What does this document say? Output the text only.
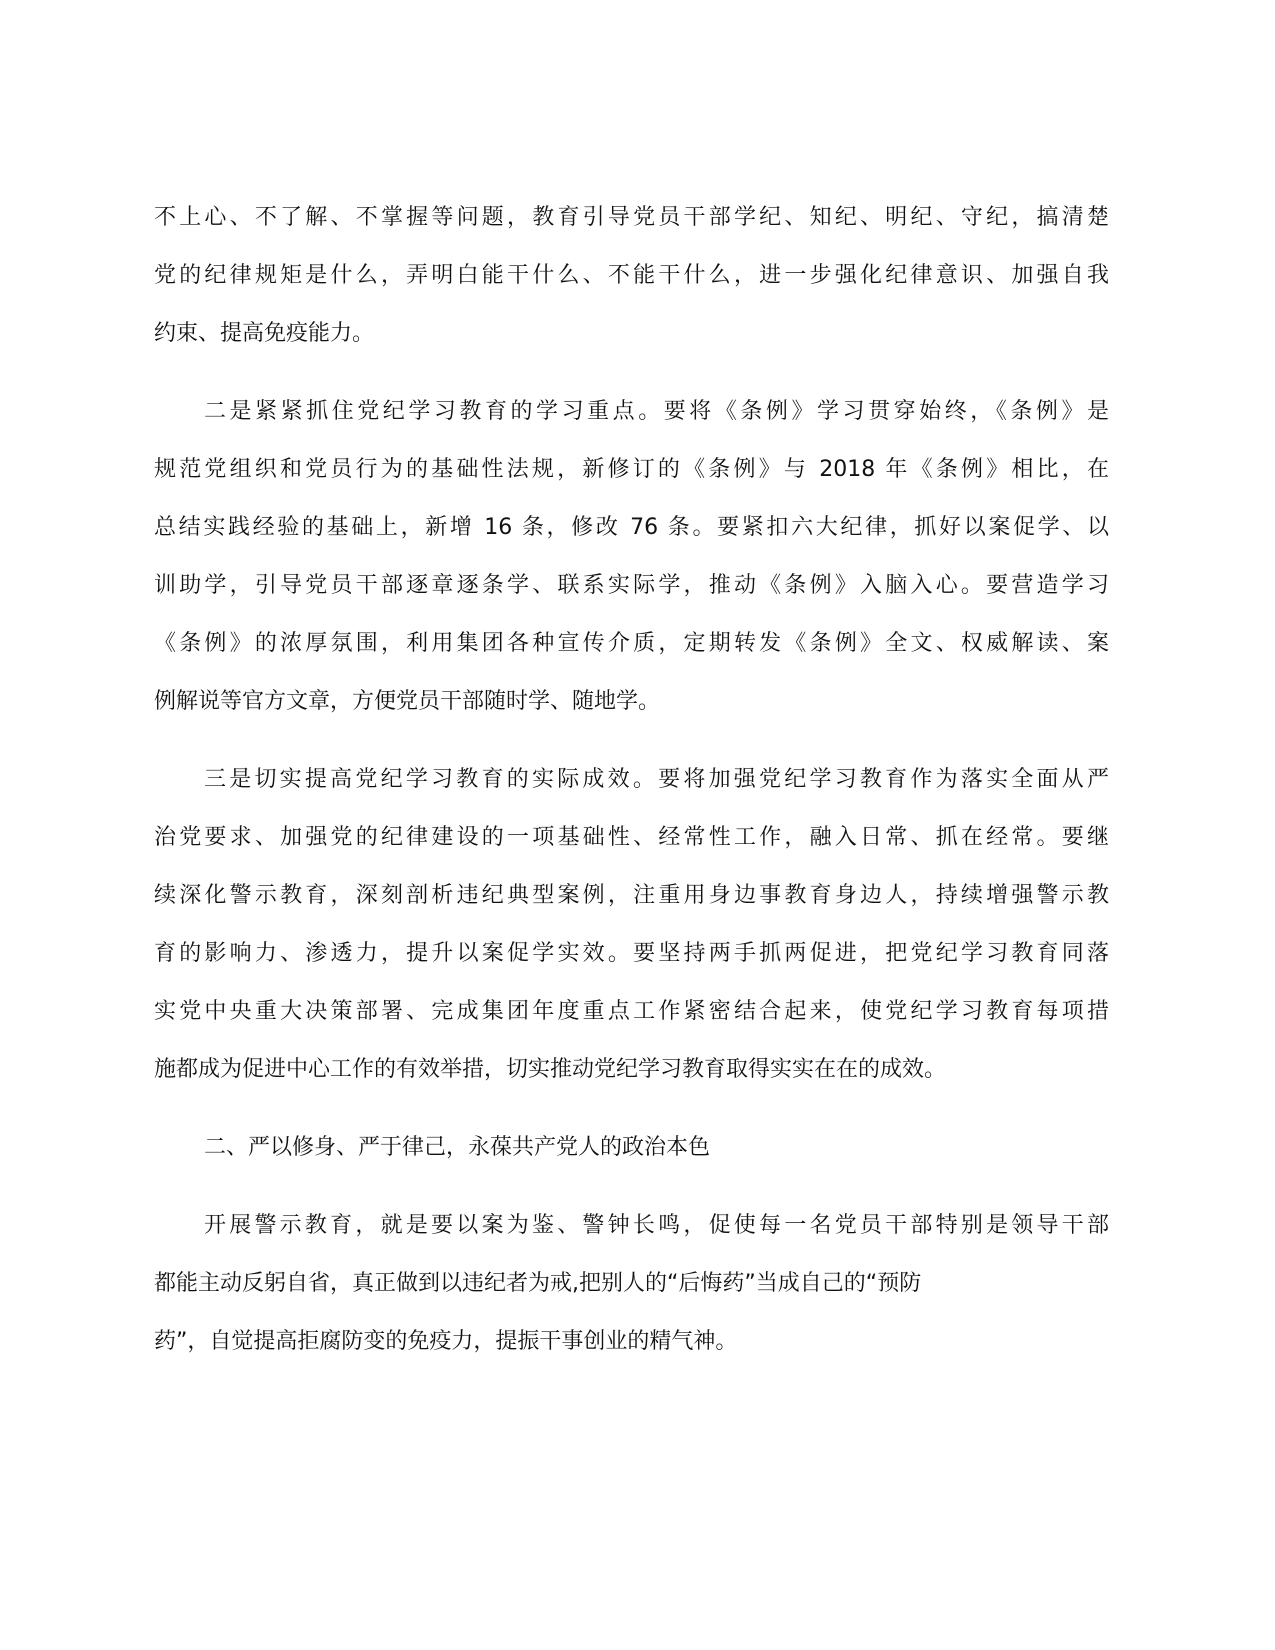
不上心、不了解、不掌握等问题，教育引导党员干部学纪、知纪、明纪、守纪，搞清楚
党的纪律规矩是什么，弄明白能干什么、不能干什么，进一步强化纪律意识、加强自我
约束、提高免疫能力。
二是紧紧抓住党纪学习教育的学习重点。要将《条例》学习贯穿始终，《条例》是
规范党组织和党员行为的基础性法规，新修订的《条例》与 2018 年《条例》相比，在
总结实践经验的基础上，新增 16 条，修改 76 条。要紧扣六大纪律，抓好以案促学、以
训助学，引导党员干部逐章逐条学、联系实际学，推动《条例》入脑入心。要营造学习
《条例》的浓厚氛围，利用集团各种宣传介质，定期转发《条例》全文、权威解读、案
例解说等官方文章，方便党员干部随时学、随地学。
三是切实提高党纪学习教育的实际成效。要将加强党纪学习教育作为落实全面从严
治党要求、加强党的纪律建设的一项基础性、经常性工作，融入日常、抓在经常。要继
续深化警示教育，深刻剖析违纪典型案例，注重用身边事教育身边人，持续增强警示教
育的影响力、渗透力，提升以案促学实效。要坚持两手抓两促进，把党纪学习教育同落
实党中央重大决策部署、完成集团年度重点工作紧密结合起来，使党纪学习教育每项措
施都成为促进中心工作的有效举措，切实推动党纪学习教育取得实实在在的成效。
二、严以修身、严于律己，永葆共产党人的政治本色
开展警示教育，就是要以案为鉴、警钟长鸣，促使每一名党员干部特别是领导干部
都能主动反躬自省，真正做到以违纪者为戒,把别人的“后悔药”当成自己的“预防
药”，自觉提高拒腐防变的免疫力，提振干事创业的精气神。
